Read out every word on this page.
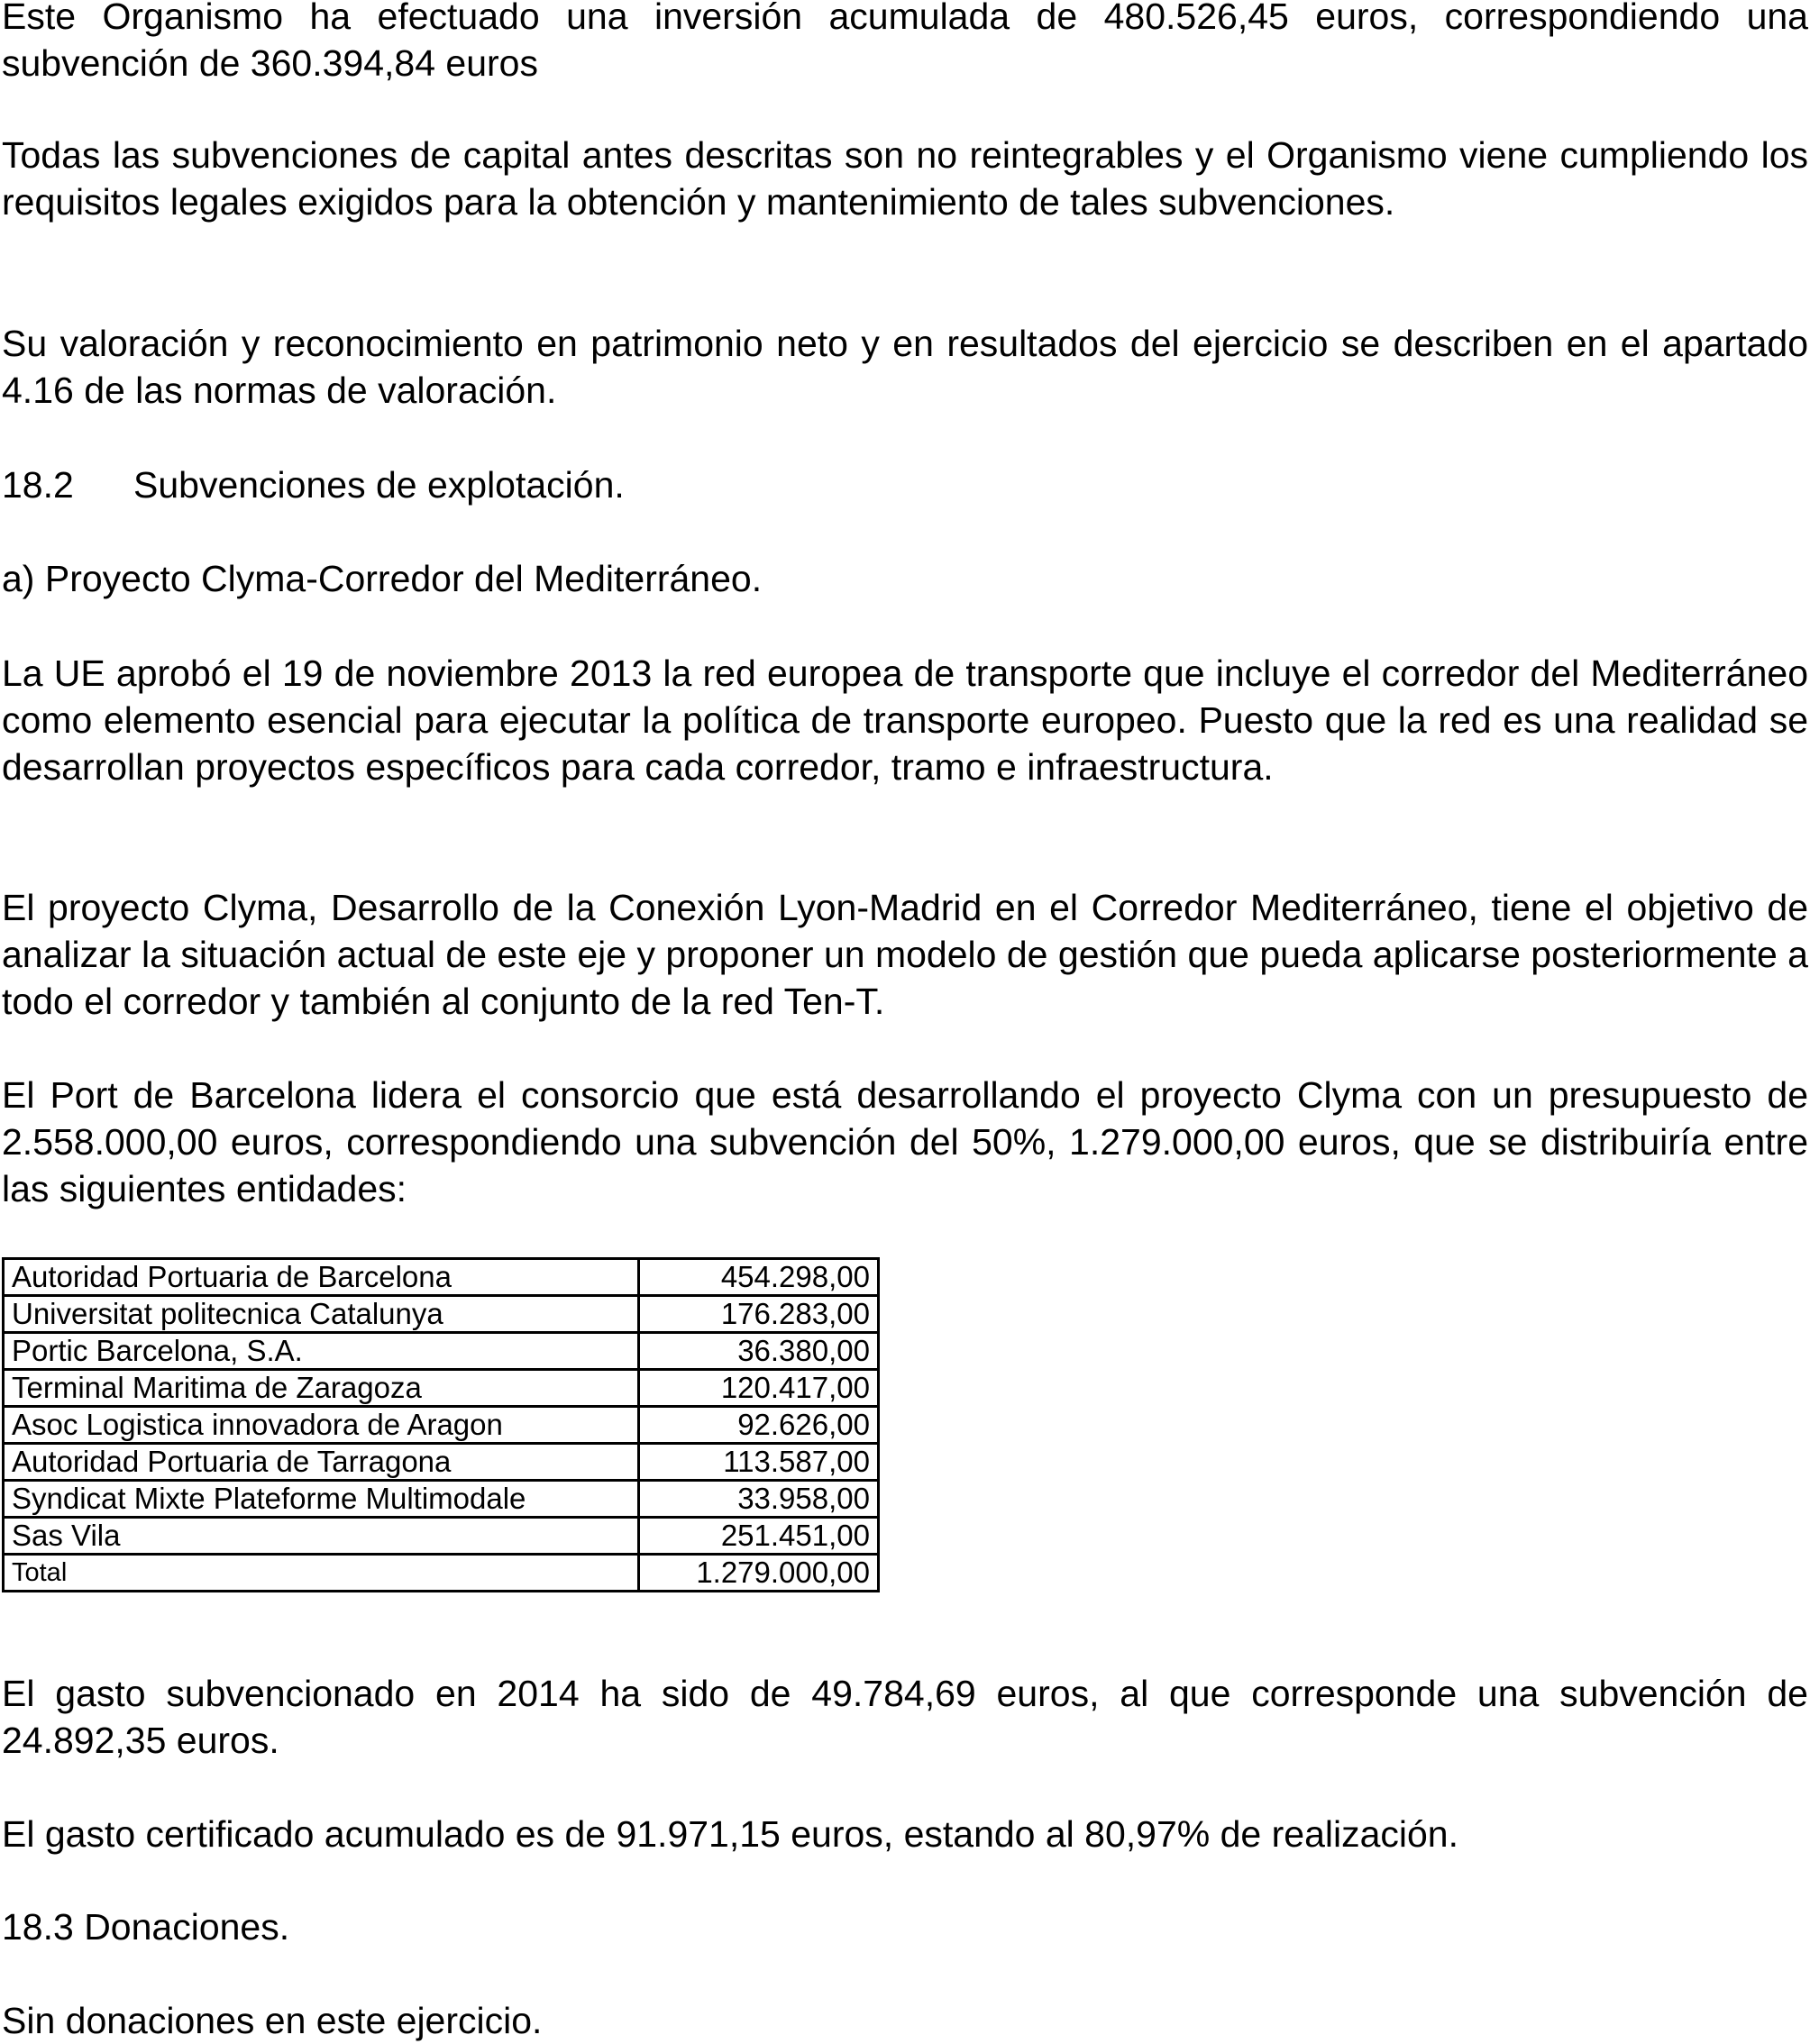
Este Organismo ha efectuado una inversión acumulada de 480.526,45 euros, correspondiendo una subvención de 360.394,84 euros

Todas las subvenciones de capital antes descritas son no reintegrables y el Organismo viene cumpliendo los requisitos legales exigidos para la obtención y mantenimiento de tales subvenciones.

Su valoración y reconocimiento en patrimonio neto y en resultados del ejercicio se describen en el apartado 4.16 de las normas de valoración.

18.2 Subvenciones de explotación.

a) Proyecto Clyma-Corredor del Mediterráneo.

La UE aprobó el 19 de noviembre 2013 la red europea de transporte que incluye el corredor del Mediterráneo como elemento esencial para ejecutar la política de transporte europeo. Puesto que la red es una realidad se desarrollan proyectos específicos para cada corredor, tramo e infraestructura.

El proyecto Clyma, Desarrollo de la Conexión Lyon-Madrid en el Corredor Mediterráneo, tiene el objetivo de analizar la situación actual de este eje y proponer un modelo de gestión que pueda aplicarse posteriormente a todo el corredor y también al conjunto de la red Ten-T.

El Port de Barcelona lidera el consorcio que está desarrollando el proyecto Clyma con un presupuesto de 2.558.000,00 euros, correspondiendo una subvención del 50%, 1.279.000,00 euros, que se distribuiría entre las siguientes entidades:

Autoridad Portuaria de Barcelona	454.298,00
Universitat politecnica Catalunya	176.283,00
Portic Barcelona, S.A.	36.380,00
Terminal Maritima de Zaragoza	120.417,00
Asoc Logistica innovadora de Aragon	92.626,00
Autoridad Portuaria de Tarragona	113.587,00
Syndicat Mixte Plateforme Multimodale	33.958,00
Sas Vila	251.451,00
Total	1.279.000,00

El gasto subvencionado en 2014 ha sido de 49.784,69 euros, al que corresponde una subvención de 24.892,35 euros.

El gasto certificado acumulado es de 91.971,15 euros, estando al 80,97% de realización.

18.3 Donaciones.

Sin donaciones en este ejercicio.
